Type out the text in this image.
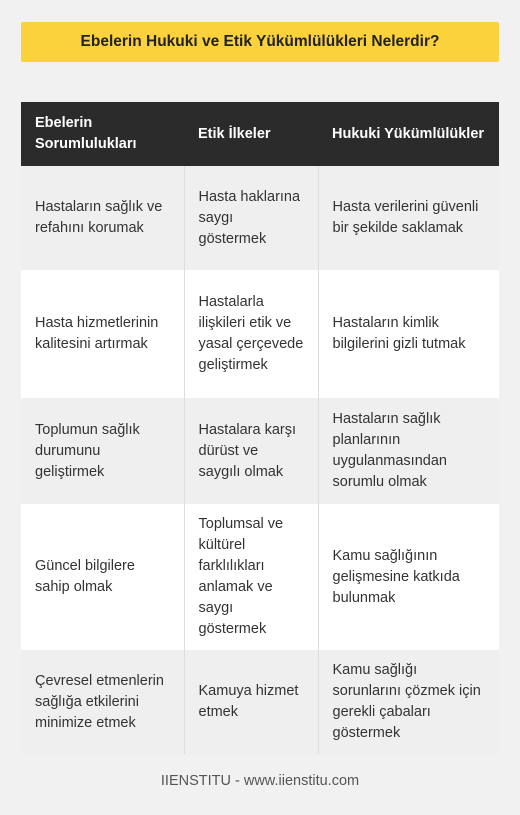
Ebelerin Hukuki ve Etik Yükümlülükleri Nelerdir?
Ebelerin Sorumlulukları	Etik İlkeler	Hukuki Yükümlülükler
Hastaların sağlık ve refahını korumak	Hasta haklarına saygı göstermek	Hasta verilerini güvenli bir şekilde saklamak
Hasta hizmetlerinin kalitesini artırmak	Hastalarla ilişkileri etik ve yasal çerçevede geliştirmek	Hastaların kimlik bilgilerini gizli tutmak
Toplumun sağlık durumunu geliştirmek	Hastalara karşı dürüst ve saygılı olmak	Hastaların sağlık planlarının uygulanmasından sorumlu olmak
Güncel bilgilere sahip olmak	Toplumsal ve kültürel farklılıkları anlamak ve saygı göstermek	Kamu sağlığının gelişmesine katkıda bulunmak
Çevresel etmenlerin sağlığa etkilerini minimize etmek	Kamuya hizmet etmek	Kamu sağlığı sorunlarını çözmek için gerekli çabaları göstermek
IIENSTITU - www.iienstitu.com
